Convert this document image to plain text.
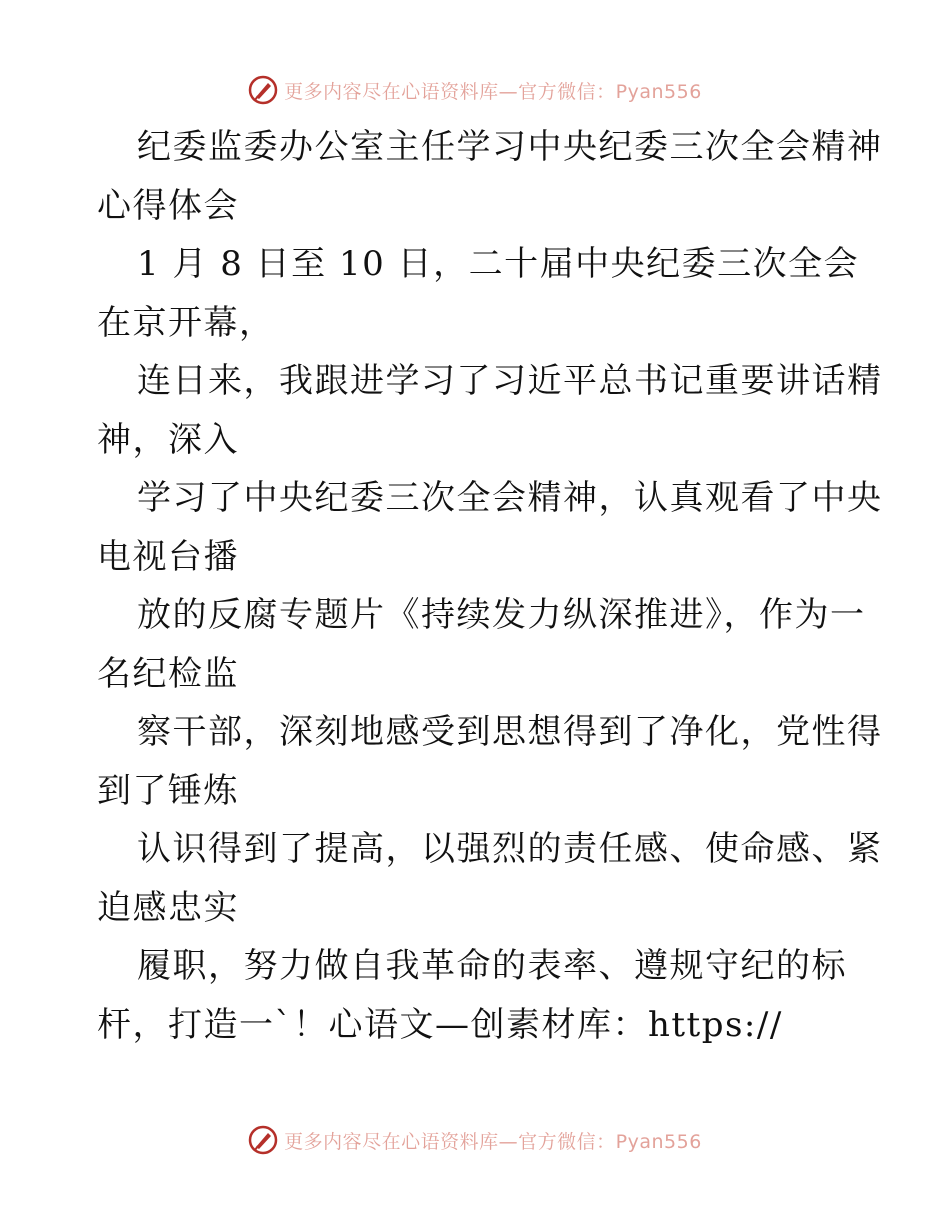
更多内容尽在心语资料库—官方微信：Pyan556
纪委监委办公室主任学习中央纪委三次全会精神
心得体会
1 月 8 日至 10 日，二十届中央纪委三次全会
在京开幕，
连日来，我跟进学习了习近平总书记重要讲话精
神，深入
学习了中央纪委三次全会精神，认真观看了中央
电视台播
放的反腐专题片《持续发力纵深推进》，作为一
名纪检监
察干部，深刻地感受到思想得到了净化，党性得
到了锤炼
认识得到了提高，以强烈的责任感、使命感、紧
迫感忠实
履职，努力做自我革命的表率、遵规守纪的标
杆，打造一`！心语文—创素材库：https://
更多内容尽在心语资料库—官方微信：Pyan556
